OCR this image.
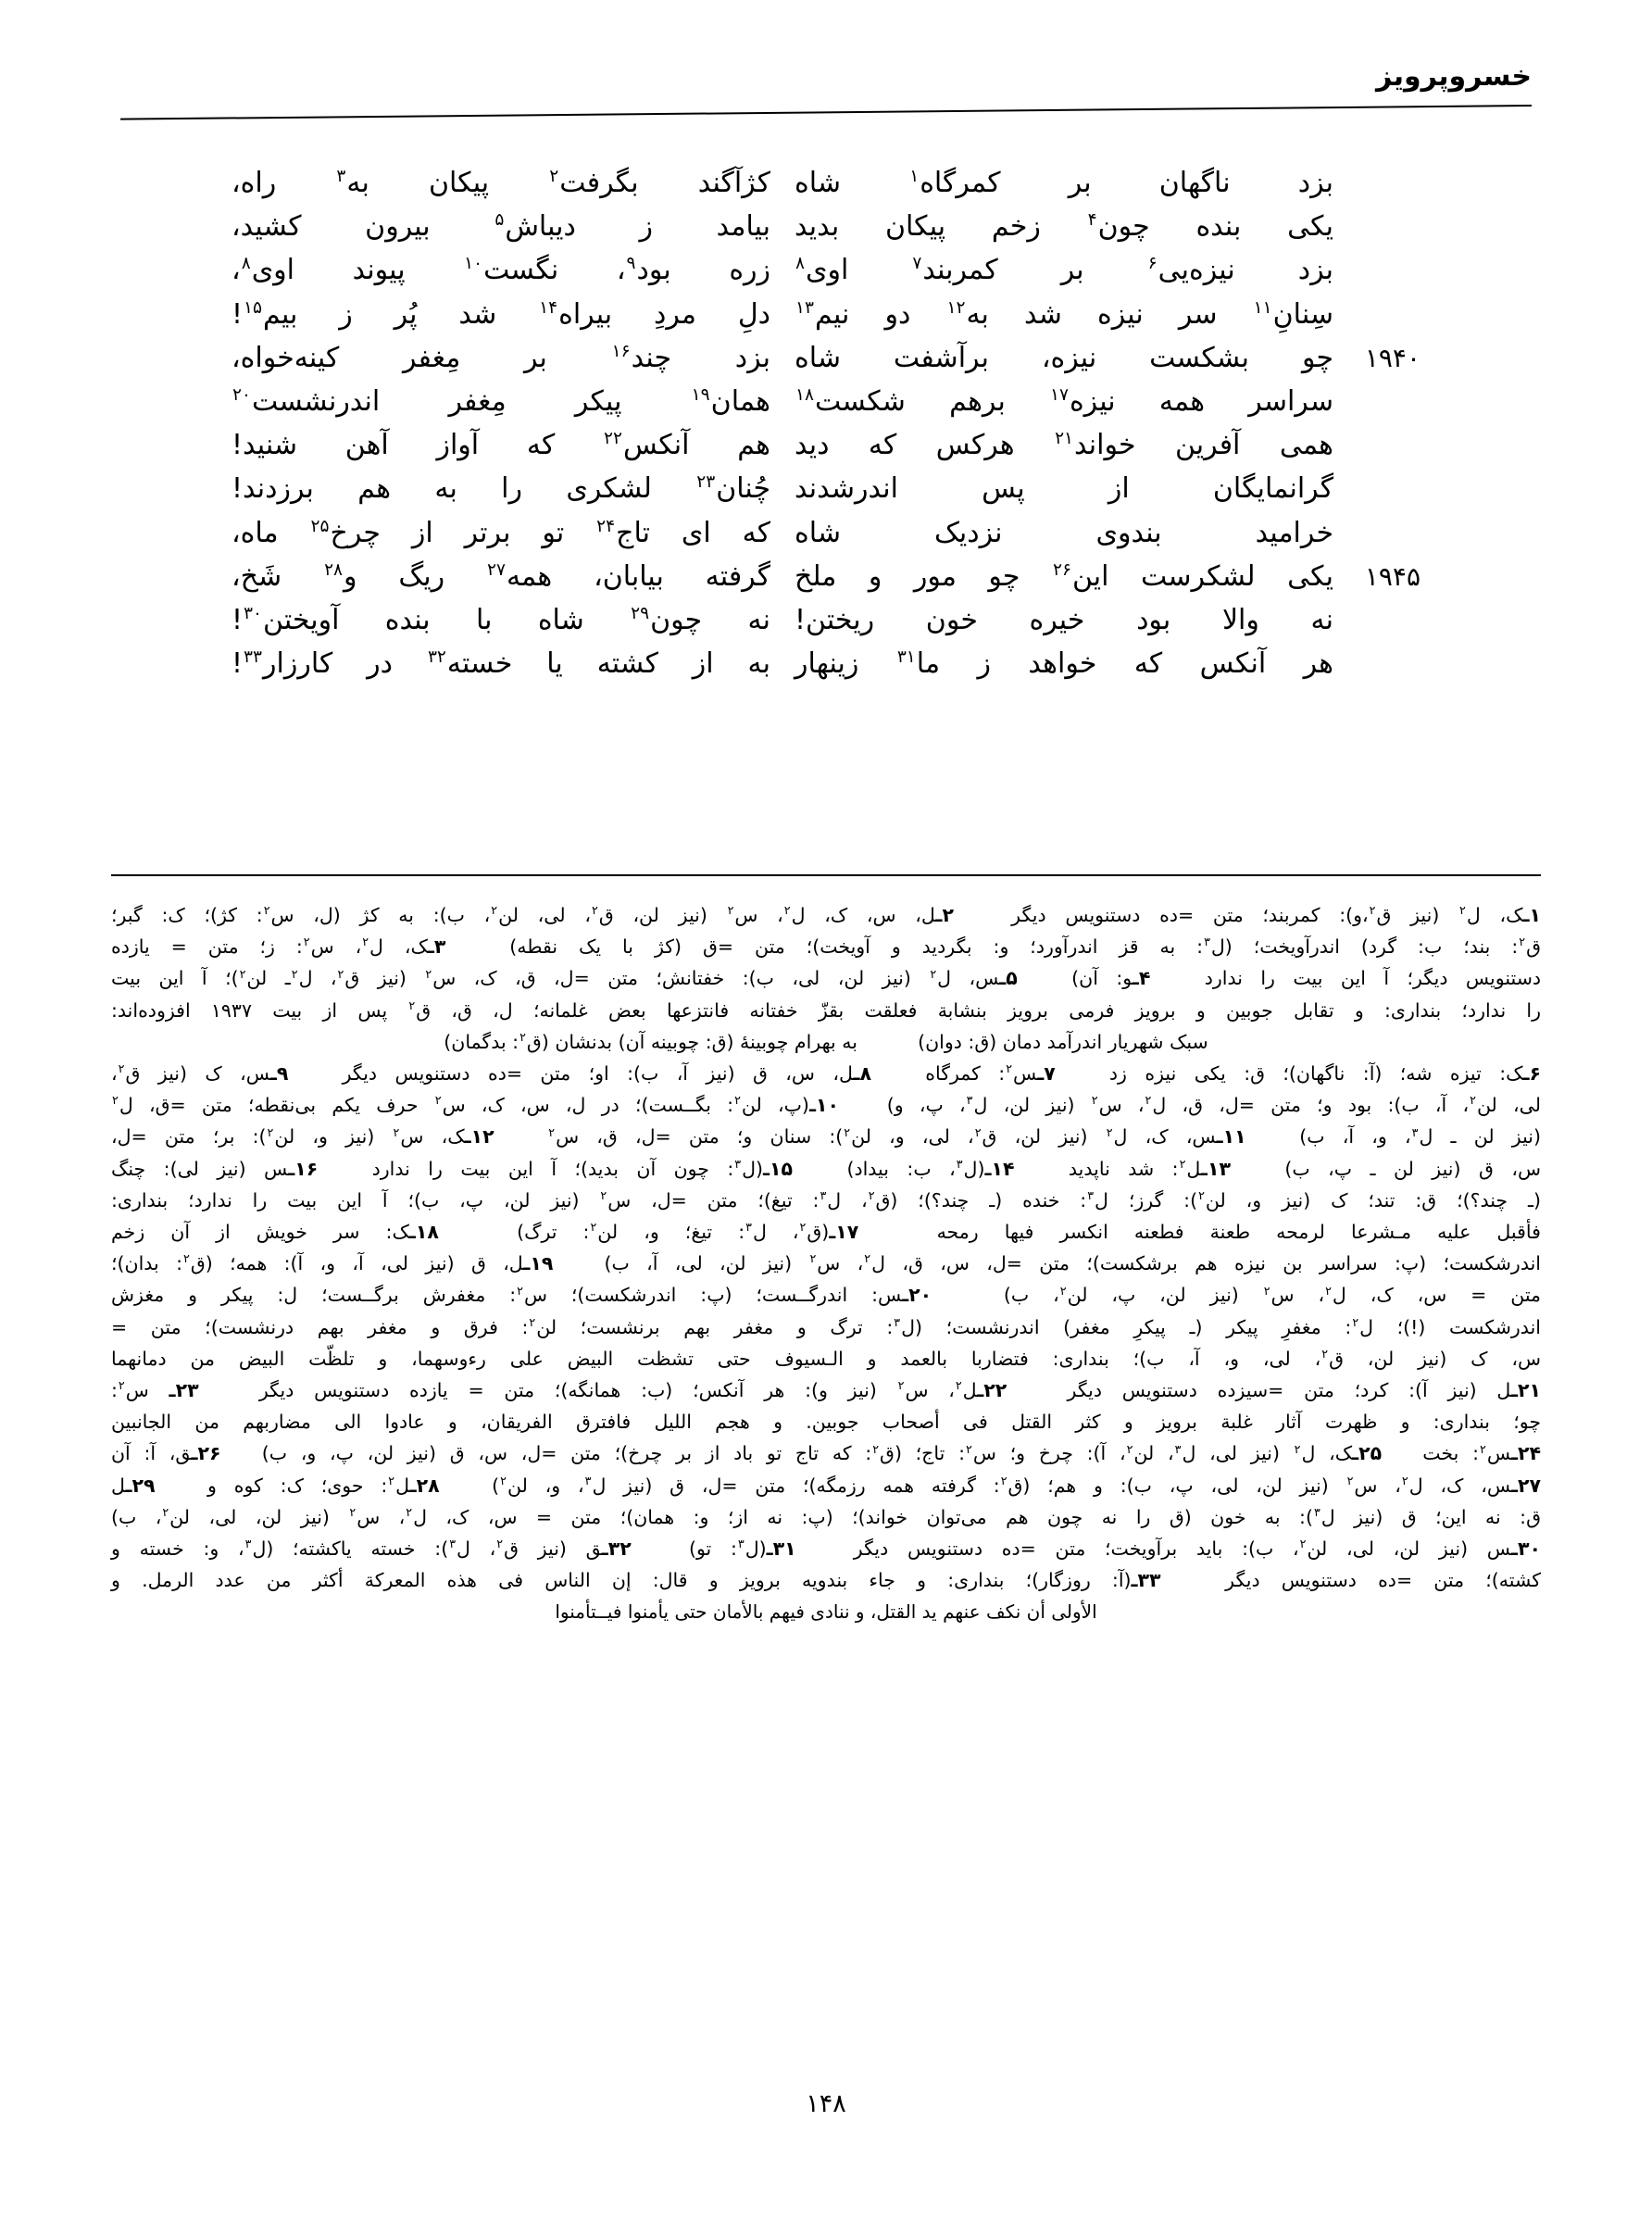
خسروپرویز
بزد ناگهان بر کمرگاه$^۱$ شاه
کژآگند بگرفت$^۲$ پیکان به$^۳$ راه،
یکی بنده چون$^۴$ زخم پیکان بدید
بیامد ز دیباش$^۵$ بیرون کشید،
بزد نیزه‌یی$^۶$ بر کمربند$^۷$ اوی$^۸$
زره بود$^۹$، نگست$^{۱۰}$ پیوند اوی$^۸$،
سِنانِ$^{۱۱}$ سر نیزه شد به$^{۱۲}$ دو نیم$^{۱۳}$
دلِ مردِ بیراه$^{۱۴}$ شد پُر ز بیم$^{۱۵}$!
۱۹۴۰
چو بشکست نیزه، برآشفت شاه
بزد چند$^{۱۶}$ بر مِغفر کینه‌خواه،
سراسر همه نیزه$^{۱۷}$ برهم شکست$^{۱۸}$
همان$^{۱۹}$ پیکر مِغفر اندرنشست$^{۲۰}$
همی آفرین خواند$^{۲۱}$ هرکس که دید
هم آنکس$^{۲۲}$ که آواز آهن شنید!
گرانمایگان از پس اندرشدند
چُنان$^{۲۳}$ لشکری را به هم برزدند!
خرامید بندوی نزدیک شاه
که ای تاج$^{۲۴}$ تو برتر از چرخ$^{۲۵}$ ماه،
۱۹۴۵
یکی لشکرست این$^{۲۶}$ چو مور و ملخ
گرفته بیابان، همه$^{۲۷}$ ریگ و$^{۲۸}$ شَخ،
نه والا بود خیره خون ریختن!
نه چون$^{۲۹}$ شاه با بنده آویختن$^{۳۰}$!
هر آنکس که خواهد ز ما$^{۳۱}$ زینهار
به از کشته یا خسته$^{۳۲}$ در کارزار$^{۳۳}$!

۱ـک، ل$^۲$ (نیز ق$^۲$،و): کمربند؛ متن =ده دستنویس دیگر   ۲ـل، س، ک، ل$^۲$، س$^۲$ (نیز لن، ق$^۲$، لی، لن$^۲$، ب): به کژ (ل، س$^۲$: کژ)؛ ک: گبر؛

ق$^۲$: بند؛ ب: گرد) اندرآویخت؛ (ل$^۳$: به قز اندرآورد؛ و: بگردید و آویخت)؛ متن =ق (کژ با یک نقطه)   ۳ـک، ل$^۲$، س$^۲$: ز؛ متن = یازده

دستنویس دیگر؛ آ این بیت را ندارد   ۴ـو: آن)   ۵ـس، ل$^۲$ (نیز لن، لی، ب): خفتانش؛ متن =ل، ق، ک، س$^۲$ (نیز ق$^۲$، ل$^۲$ـ لن$^۲$)؛ آ این بیت

را ندارد؛ بنداری: و تقابل جوبین و برویز فرمی برویز بنشابة فعلقت بقزّ خفتانه فانتزعها بعض غلمانه؛ ل، ق، ق$^۲$ پس از بیت ۱۹۳۷ افزوده‌اند:

سبک شهریار اندرآمد دمان (ق: دوان)          به بهرام چوبینهٔ (ق: چوبینه آن) بدنشان (ق$^۲$: بدگمان)

۶ـک: تیزه شه؛ (آ: ناگهان)؛ ق: یکی نیزه زد   ۷ـس$^۲$: کمرگاه   ۸ـل، س، ق (نیز آ، ب): او؛ متن =ده دستنویس دیگر   ۹ـس، ک (نیز ق$^۲$،

لی، لن$^۲$، آ، ب): بود و؛ متن =ل، ق، ل$^۲$، س$^۲$ (نیز لن، ل$^۳$، پ، و)   ۱۰ـ(پ، لن$^۲$: بگــست)؛ در ل، س، ک، س$^۲$ حرف یکم بی‌نقطه؛ متن =ق، ل$^۲$

(نیز لن ـ ل$^۳$، و، آ، ب)   ۱۱ـس، ک، ل$^۲$ (نیز لن، ق$^۲$، لی، و، لن$^۲$): سنان و؛ متن =ل، ق، س$^۲$   ۱۲ـک، س$^۲$ (نیز و، لن$^۲$): بر؛ متن =ل،

س، ق (نیز لن ـ پ، ب)   ۱۳ـل$^۲$: شد ناپدید   ۱۴ـ(ل$^۳$، ب: بیداد)   ۱۵ـ(ل$^۳$: چون آن بدید)؛ آ این بیت را ندارد   ۱۶ـس (نیز لی): چنگ

(ـ چند؟)؛ ق: تند؛ ک (نیز و، لن$^۲$): گرز؛ ل$^۳$: خنده (ـ چند؟)؛ (ق$^۲$، ل$^۳$: تیغ)؛ متن =ل، س$^۲$ (نیز لن، پ، ب)؛ آ این بیت را ندارد؛ بنداری:

فأقبل علیه مـشرعا لرمحه طعنة فطعنه انکسر فیها رمحه   ۱۷ـ(ق$^۲$، ل$^۳$: تیغ؛ و، لن$^۲$: ترگ)   ۱۸ـک: سر خویش از آن زخم

اندرشکست؛ (پ: سراسر بن نیزه هم برشکست)؛ متن =ل، س، ق، ل$^۲$، س$^۲$ (نیز لن، لی، آ، ب)   ۱۹ـل، ق (نیز لی، آ، و، آ): همه؛ (ق$^۲$: بدان)؛

متن = س، ک، ل$^۲$، س$^۲$ (نیز لن، پ، لن$^۲$، ب)   ۲۰ـس: اندرگــست؛ (پ: اندرشکست)؛ س$^۲$: مغفرش برگــست؛ ل: پیکر و مغزش

اندرشکست (!)؛ ل$^۲$: مغفرِ پیکر (ـ پیکرِ مغفر) اندرنشست؛ (ل$^۳$: ترگ و مغفر بهم برنشست؛ لن$^۲$: فرق و مغفر بهم درنشست)؛ متن =

س، ک (نیز لن، ق$^۲$، لی، و، آ، ب)؛ بنداری: فتضاربا بالعمد و الـسیوف حتی تشظت البیض علی رءوسهما، و تلظّت البیض من دمانهما

۲۱ـل (نیز آ): کرد؛ متن =سیزده دستنویس دیگر   ۲۲ـل$^۲$، س$^۲$ (نیز و): هر آنکس؛ (ب: همانگه)؛ متن = یازده دستنویس دیگر   ۲۳ـ س$^۲$:

چو؛ بنداری: و ظهرت آثار غلبة برویز و کثر القتل فی أصحاب جوبین. و هجم اللیل فافترق الفریقان، و عادوا الی مضاربهم من الجانبین

۲۴ـس$^۲$: بخت   ۲۵ـک، ل$^۲$ (نیز لی، ل$^۳$، لن$^۲$، آ): چرخ و؛ س$^۲$: تاج؛ (ق$^۲$: که تاج تو باد از بر چرخ)؛ متن =ل، س، ق (نیز لن، پ، و، ب)   ۲۶ـق، آ: آن

۲۷ـس، ک، ل$^۲$، س$^۲$ (نیز لن، لی، پ، ب): و هم؛ (ق$^۲$: گرفته همه رزمگه)؛ متن =ل، ق (نیز ل$^۳$، و، لن$^۲$)   ۲۸ـل$^۲$: حوی؛ ک: کوه و   ۲۹ـل

ق: نه این؛ ق (نیز ل$^۳$): به خون (ق را نه چون هم می‌توان خواند)؛ (پ: نه از؛ و: همان)؛ متن = س، ک، ل$^۲$، س$^۲$ (نیز لن، لی، لن$^۲$، ب)

۳۰ـس (نیز لن، لی، لن$^۲$، ب): باید برآویخت؛ متن =ده دستنویس دیگر   ۳۱ـ(ل$^۳$: تو)   ۳۲ـق (نیز ق$^۲$، ل$^۳$): خسته یاکشته؛ (ل$^۳$، و: خسته و

کشته)؛ متن =ده دستنویس دیگر   ۳۳ـ(آ: روزگار)؛ بنداری: و جاء بندویه برویز و قال: إن الناس فی هذه المعرکة أکثر من عدد الرمل. و

الأولی أن نکف عنهم ید القتل، و ننادی فیهم بالأمان حتی یأمنوا فیــتأمنوا

۱۴۸
